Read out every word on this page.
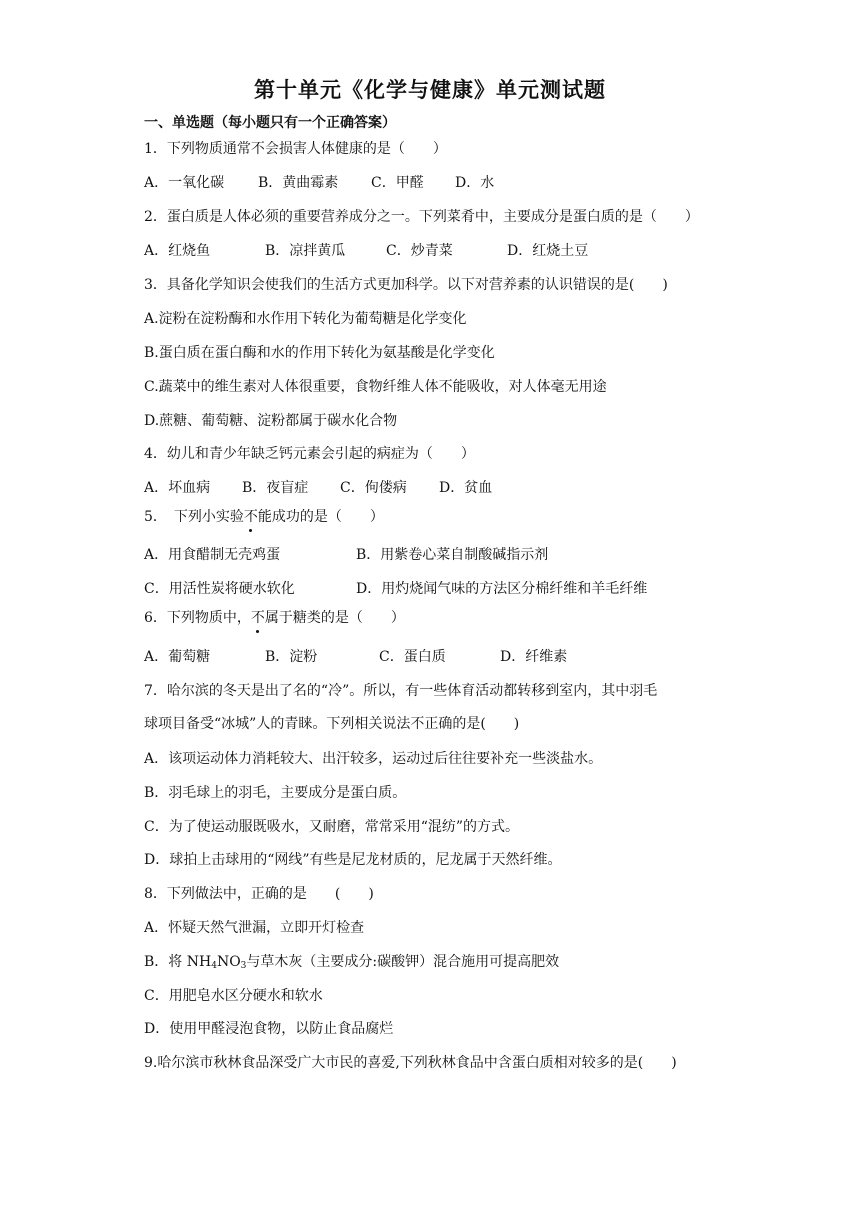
第十单元《化学与健康》单元测试题
一、单选题（每小题只有一个正确答案）
1．下列物质通常不会损害人体健康的是（　　）
A．一氧化碳 B．黄曲霉素 C．甲醛 D．水
2．蛋白质是人体必须的重要营养成分之一。下列菜肴中，主要成分是蛋白质的是（　　）
A．红烧鱼	B．凉拌黄瓜	C．炒青菜	D．红烧土豆
3．具备化学知识会使我们的生活方式更加科学。以下对营养素的认识错误的是(　　)
A.淀粉在淀粉酶和水作用下转化为葡萄糖是化学变化
B.蛋白质在蛋白酶和水的作用下转化为氨基酸是化学变化
C.蔬菜中的维生素对人体很重要，食物纤维人体不能吸收，对人体毫无用途
D.蔗糖、葡萄糖、淀粉都属于碳水化合物
4．幼儿和青少年缺乏钙元素会引起的病症为（　　）
A．坏血病 B．夜盲症 C．佝偻病 D．贫血
5．　下列小实验不能成功的是（　　）
A．用食醋制无壳鸡蛋	B．用紫卷心菜自制酸碱指示剂
C．用活性炭将硬水软化	D．用灼烧闻气味的方法区分棉纤维和羊毛纤维
6．下列物质中，不属于糖类的是（　　）
A．葡萄糖	B．淀粉	C．蛋白质	D．纤维素
7．哈尔滨的冬天是出了名的“冷”。所以，有一些体育活动都转移到室内，其中羽毛
球项目备受“冰城”人的青睐。下列相关说法不正确的是(　　)
A．该项运动体力消耗较大、出汗较多，运动过后往往要补充一些淡盐水。
B．羽毛球上的羽毛，主要成分是蛋白质。
C．为了使运动服既吸水，又耐磨，常常采用“混纺”的方式。
D．球拍上击球用的“网线”有些是尼龙材质的，尼龙属于天然纤维。
8．下列做法中，正确的是　　(　　)
A．怀疑天然气泄漏，立即开灯检查
B．将 $NH_4NO_3$与草木灰（主要成分:碳酸钾）混合施用可提高肥效
C．用肥皂水区分硬水和软水
D．使用甲醛浸泡食物，以防止食品腐烂
9.哈尔滨市秋林食品深受广大市民的喜爱,下列秋林食品中含蛋白质相对较多的是(　　)
